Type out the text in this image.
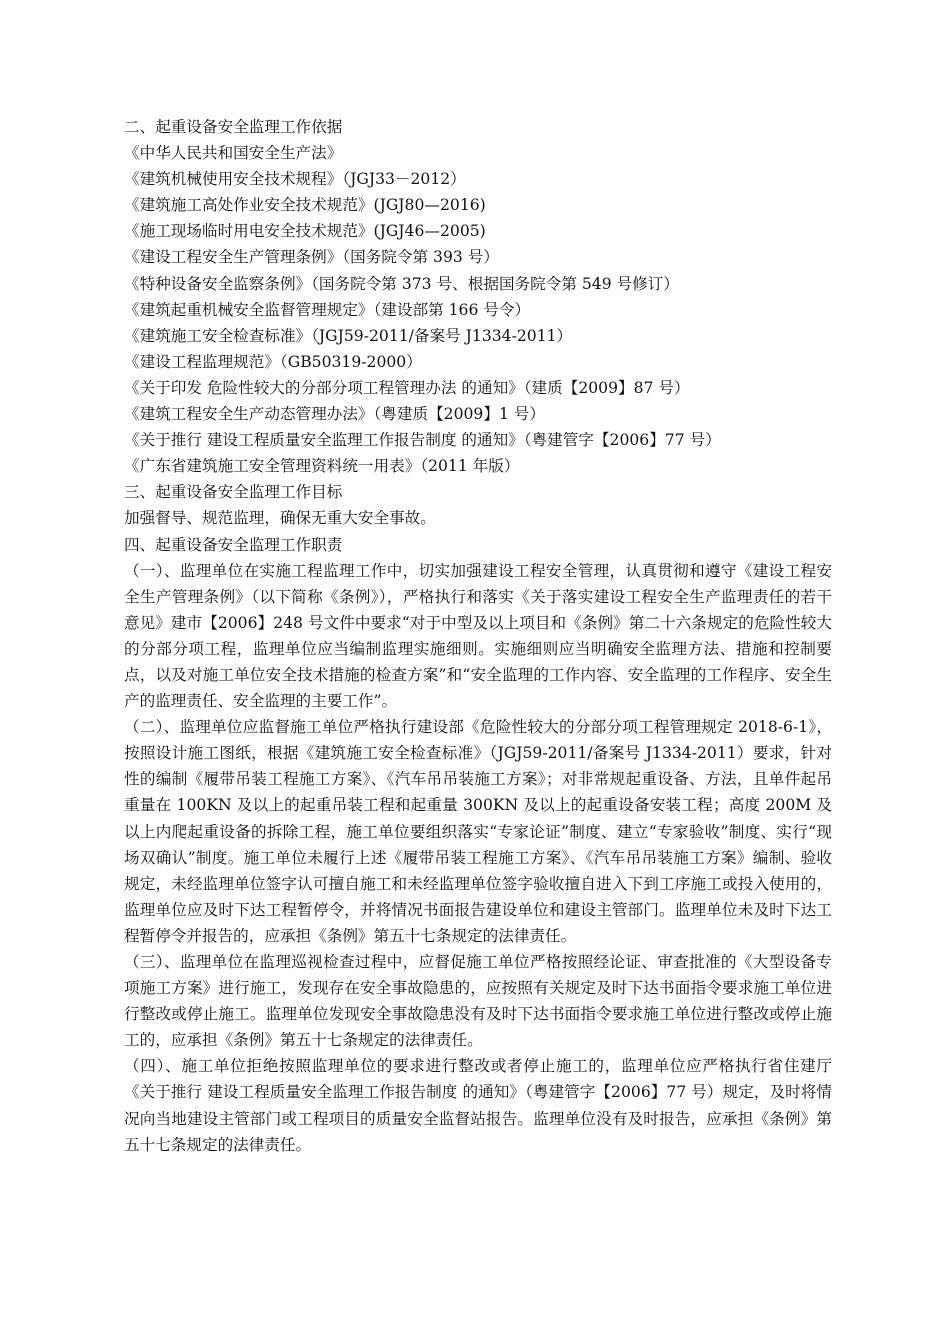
二、起重设备安全监理工作依据

《中华人民共和国安全生产法》

《建筑机械使用安全技术规程》（JGJ33－2012）

《建筑施工高处作业安全技术规范》(JGJ80—2016)

《施工现场临时用电安全技术规范》(JGJ46—2005)

《建设工程安全生产管理条例》（国务院令第 393 号）

《特种设备安全监察条例》（国务院令第 373 号、根据国务院令第 549 号修订）

《建筑起重机械安全监督管理规定》（建设部第 166 号令）

《建筑施工安全检查标准》（JGJ59-2011/备案号 J1334-2011）

《建设工程监理规范》（GB50319-2000）

《关于印发 危险性较大的分部分项工程管理办法 的通知》（建质【2009】87 号）

《建筑工程安全生产动态管理办法》（粤建质【2009】1 号）

《关于推行 建设工程质量安全监理工作报告制度 的通知》（粤建管字【2006】77 号）

《广东省建筑施工安全管理资料统一用表》（2011 年版）

三、起重设备安全监理工作目标

加强督导、规范监理，确保无重大安全事故。

四、起重设备安全监理工作职责

（一）、监理单位在实施工程监理工作中，切实加强建设工程安全管理，认真贯彻和遵守《建设工程安全生产管理条例》（以下简称《条例》），严格执行和落实《关于落实建设工程安全生产监理责任的若干意见》建市【2006】248 号文件中要求“对于中型及以上项目和《条例》第二十六条规定的危险性较大的分部分项工程，监理单位应当编制监理实施细则。实施细则应当明确安全监理方法、措施和控制要点，以及对施工单位安全技术措施的检查方案”和“安全监理的工作内容、安全监理的工作程序、安全生产的监理责任、安全监理的主要工作”。

（二）、监理单位应监督施工单位严格执行建设部《危险性较大的分部分项工程管理规定 2018-6-1》，按照设计施工图纸，根据《建筑施工安全检查标准》（JGJ59-2011/备案号 J1334-2011）要求，针对性的编制《履带吊装工程施工方案》、《汽车吊吊装施工方案》；对非常规起重设备、方法，且单件起吊重量在 100KN 及以上的起重吊装工程和起重量 300KN 及以上的起重设备安装工程；高度 200M 及以上内爬起重设备的拆除工程，施工单位要组织落实“专家论证”制度、建立“专家验收”制度、实行“现场双确认”制度。施工单位未履行上述《履带吊装工程施工方案》、《汽车吊吊装施工方案》编制、验收规定，未经监理单位签字认可擅自施工和未经监理单位签字验收擅自进入下到工序施工或投入使用的，监理单位应及时下达工程暂停令，并将情况书面报告建设单位和建设主管部门。监理单位未及时下达工程暂停令并报告的，应承担《条例》第五十七条规定的法律责任。

（三）、监理单位在监理巡视检查过程中，应督促施工单位严格按照经论证、审查批准的《大型设备专项施工方案》进行施工，发现存在安全事故隐患的，应按照有关规定及时下达书面指令要求施工单位进行整改或停止施工。监理单位发现安全事故隐患没有及时下达书面指令要求施工单位进行整改或停止施工的，应承担《条例》第五十七条规定的法律责任。

（四）、施工单位拒绝按照监理单位的要求进行整改或者停止施工的，监理单位应严格执行省住建厅《关于推行 建设工程质量安全监理工作报告制度 的通知》（粤建管字【2006】77 号）规定，及时将情况向当地建设主管部门或工程项目的质量安全监督站报告。监理单位没有及时报告，应承担《条例》第五十七条规定的法律责任。
